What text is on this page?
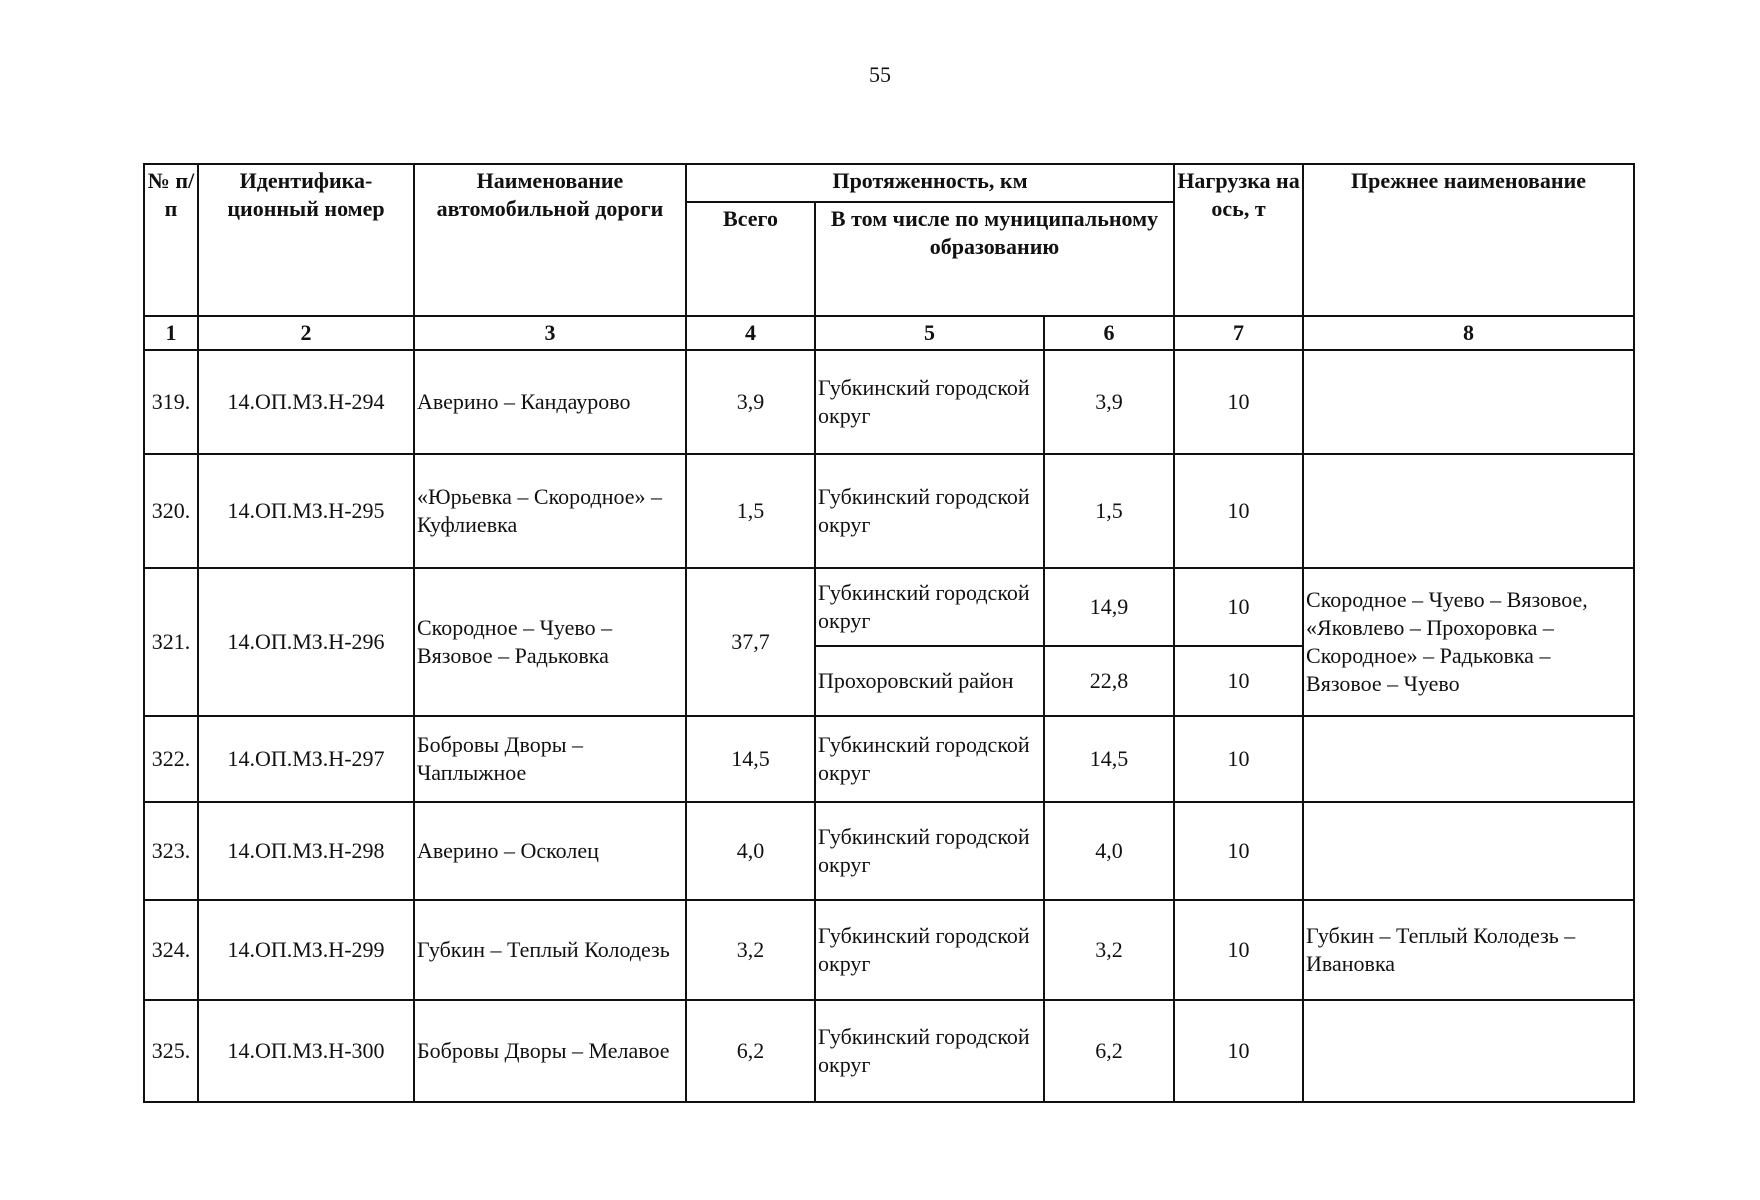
55
№ п/п	Идентифика-ционный номер	Наименование автомобильной дороги	Протяженность, км			Нагрузка на ось, т	Прежнее наименование
			Всего	В том числе по муниципальному образованию			
1	2	3	4	5	6	7	8
319.	14.ОП.МЗ.Н-294	Аверино – Кандаурово	3,9	Губкинский городской округ	3,9	10	
320.	14.ОП.МЗ.Н-295	«Юрьевка – Скородное» – Куфлиевка	1,5	Губкинский городской округ	1,5	10	
321.	14.ОП.МЗ.Н-296	Скородное – Чуево – Вязовое – Радьковка	37,7	Губкинский городской округ	14,9	10	Скородное – Чуево – Вязовое, «Яковлево – Прохоровка – Скородное» – Радьковка – Вязовое – Чуево
				Прохоровский район	22,8	10	
322.	14.ОП.МЗ.Н-297	Бобровы Дворы – Чаплыжное	14,5	Губкинский городской округ	14,5	10	
323.	14.ОП.МЗ.Н-298	Аверино – Осколец	4,0	Губкинский городской округ	4,0	10	
324.	14.ОП.МЗ.Н-299	Губкин – Теплый Колодезь	3,2	Губкинский городской округ	3,2	10	Губкин – Теплый Колодезь – Ивановка
325.	14.ОП.МЗ.Н-300	Бобровы Дворы – Мелавое	6,2	Губкинский городской округ	6,2	10	
